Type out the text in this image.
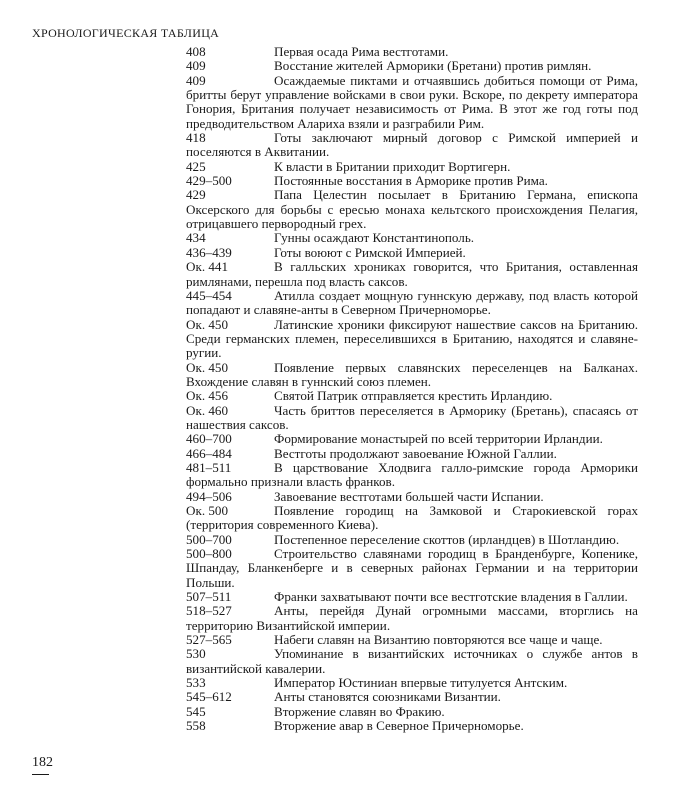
ХРОНОЛОГИЧЕСКАЯ ТАБЛИЦА
408	Первая осада Рима вестготами.

409	Восстание жителей Арморики (Бретани) против римлян.

409	Осаждаемые пиктами и отчаявшись добиться помощи от Рима, бритты берут управление войсками в свои руки. Вскоре, по декрету императора Гонория, Британия получает независимость от Рима. В этот же год готы под предводительством Алариха взяли и разграбили Рим.

418	Готы заключают мирный договор с Римской империей и поселяются в Аквитании.

425	К власти в Британии приходит Вортигерн.

429–500	Постоянные восстания в Арморике против Рима.

429	Папа Целестин посылает в Британию Германа, епископа Оксерского для борьбы с ересью монаха кельтского происхождения Пелагия, отрицавшего первородный грех.

434	Гунны осаждают Константинополь.

436–439	Готы воюют с Римской Империей.

Ок. 441	В галльских хрониках говорится, что Британия, оставленная римлянами, перешла под власть саксов.

445–454	Атилла создает мощную гуннскую державу, под власть которой попадают и славяне-анты в Северном Причерноморье.

Ок. 450	Латинские хроники фиксируют нашествие саксов на Британию. Среди германских племен, переселившихся в Британию, находятся и славяне-ругии.

Ок. 450	Появление первых славянских переселенцев на Балканах. Вхождение славян в гуннский союз племен.

Ок. 456	Святой Патрик отправляется крестить Ирландию.

Ок. 460	Часть бриттов переселяется в Арморику (Бретань), спасаясь от нашествия саксов.

460–700	Формирование монастырей по всей территории Ирландии.

466–484	Вестготы продолжают завоевание Южной Галлии.

481–511	В царствование Хлодвига галло-римские города Арморики формально признали власть франков.

494–506	Завоевание вестготами большей части Испании.

Ок. 500	Появление городищ на Замковой и Старокиевской горах (территория современного Киева).

500–700	Постепенное переселение скоттов (ирландцев) в Шотландию.

500–800	Строительство славянами городищ в Бранденбурге, Копенике, Шпандау, Бланкенберге и в северных районах Германии и на территории Польши.

507–511	Франки захватывают почти все вестготские владения в Галлии.

518–527	Анты, перейдя Дунай огромными массами, вторглись на территорию Византийской империи.

527–565	Набеги славян на Византию повторяются все чаще и чаще.

530	Упоминание в византийских источниках о службе антов в византийской кавалерии.

533	Император Юстиниан впервые титулуется Антским.

545–612	Анты становятся союзниками Византии.

545	Вторжение славян во Фракию.

558	Вторжение авар в Северное Причерноморье.

182
